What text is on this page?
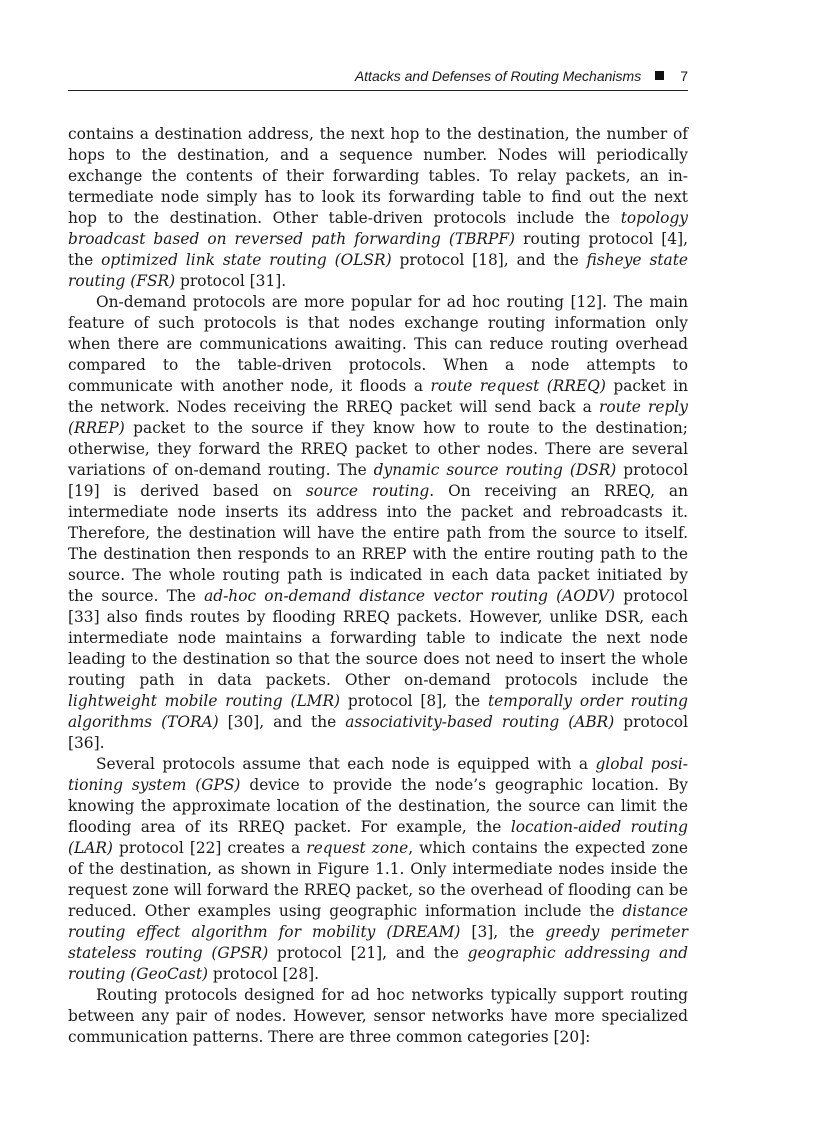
Attacks and Defenses of Routing Mechanisms	7

contains a destination address, the next hop to the destination, the number of hops to the destination, and a sequence number. Nodes will periodically exchange the contents of their forwarding tables. To relay packets, an intermediate node simply has to look its forwarding table to find out the next hop to the destination. Other table-driven protocols include the topology broadcast based on reversed path forwarding (TBRPF) routing protocol [4], the optimized link state routing (OLSR) protocol [18], and the fisheye state routing (FSR) protocol [31].

On-demand protocols are more popular for ad hoc routing [12]. The main feature of such protocols is that nodes exchange routing information only when there are communications awaiting. This can reduce routing overhead compared to the table-driven protocols. When a node attempts to communicate with another node, it floods a route request (RREQ) packet in the network. Nodes receiving the RREQ packet will send back a route reply (RREP) packet to the source if they know how to route to the destination; otherwise, they forward the RREQ packet to other nodes. There are several variations of on-demand routing. The dynamic source routing (DSR) protocol [19] is derived based on source routing. On receiving an RREQ, an intermediate node inserts its address into the packet and rebroadcasts it. Therefore, the destination will have the entire path from the source to itself. The destination then responds to an RREP with the entire routing path to the source. The whole routing path is indicated in each data packet initiated by the source. The ad-hoc on-demand distance vector routing (AODV) protocol [33] also finds routes by flooding RREQ packets. However, unlike DSR, each intermediate node maintains a forwarding table to indicate the next node leading to the destination so that the source does not need to insert the whole routing path in data packets. Other on-demand protocols include the lightweight mobile routing (LMR) protocol [8], the temporally order routing algorithms (TORA) [30], and the associativity-based routing (ABR) protocol [36].

Several protocols assume that each node is equipped with a global positioning system (GPS) device to provide the node’s geographic location. By knowing the approximate location of the destination, the source can limit the flooding area of its RREQ packet. For example, the location-aided routing (LAR) protocol [22] creates a request zone, which contains the expected zone of the destination, as shown in Figure 1.1. Only intermediate nodes inside the request zone will forward the RREQ packet, so the overhead of flooding can be reduced. Other examples using geographic information include the distance routing effect algorithm for mobility (DREAM) [3], the greedy perimeter stateless routing (GPSR) protocol [21], and the geographic addressing and routing (GeoCast) protocol [28].

Routing protocols designed for ad hoc networks typically support routing between any pair of nodes. However, sensor networks have more specialized communication patterns. There are three common categories [20]:
